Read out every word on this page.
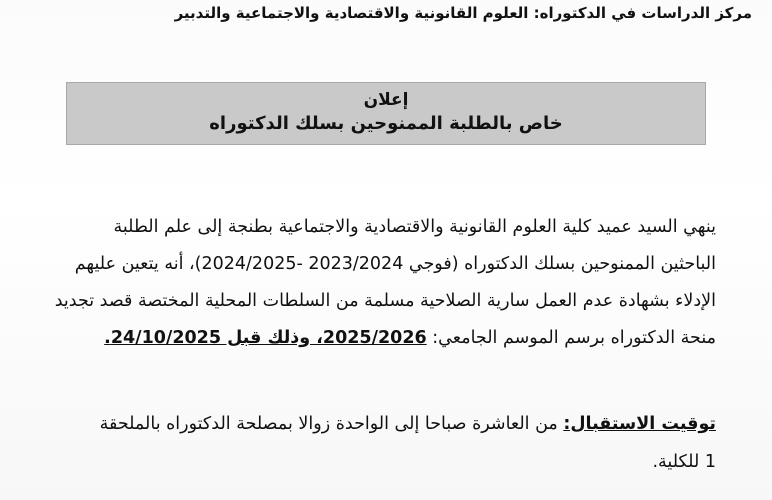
مركز الدراسات في الدكتوراه: العلوم القانونية والاقتصادية والاجتماعية والتدبير
إعلان
خاص بالطلبة الممنوحين بسلك الدكتوراه
ينهي السيد عميد كلية العلوم القانونية والاقتصادية والاجتماعية بطنجة إلى علم الطلبة
الباحثين الممنوحين بسلك الدكتوراه (فوجي 2023/2024 -2024/2025)، أنه يتعين عليهم
الإدلاء بشهادة عدم العمل سارية الصلاحية مسلمة من السلطات المحلية المختصة قصد تجديد
منحة الدكتوراه برسم الموسم الجامعي: 2025/2026، وذلك قبل 24/10/2025.
توقيت الاستقبال: من العاشرة صباحا إلى الواحدة زوالا بمصلحة الدكتوراه بالملحقة
1 للكلية.
